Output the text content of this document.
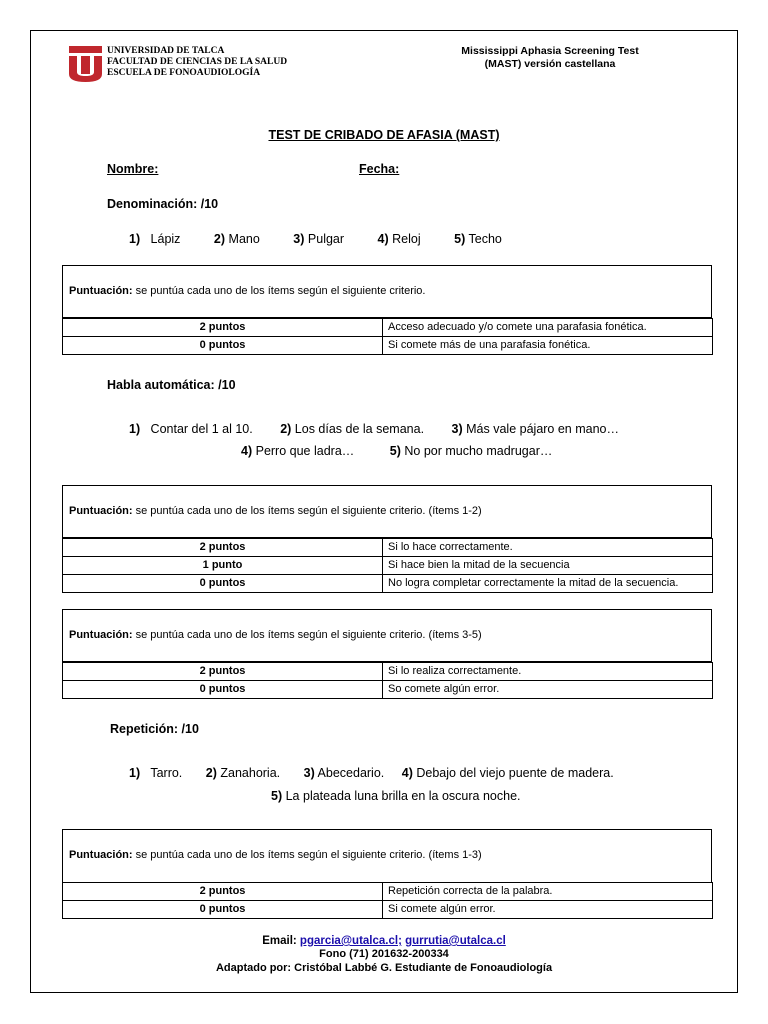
UNIVERSIDAD DE TALCA
FACULTAD DE CIENCIAS DE LA SALUD
ESCUELA DE FONOAUDIOLOGÍA
Mississippi Aphasia Screening Test
(MAST) versión castellana
TEST DE CRIBADO DE AFASIA (MAST)
Nombre:	Fecha:
Denominación: /10
1) Lápiz	2) Mano	3) Pulgar	4) Reloj	5) Techo
Puntuación: se puntúa cada uno de los ítems según el siguiente criterio.
2 puntos	Acceso adecuado y/o comete una parafasia fonética.
0 puntos	Si comete más de una parafasia fonética.
Habla automática: /10
1) Contar del 1 al 10. 2) Los días de la semana. 3) Más vale pájaro en mano…
4) Perro que ladra…	5) No por mucho madrugar…
Puntuación: se puntúa cada uno de los ítems según el siguiente criterio. (ítems 1-2)
2 puntos	Si lo hace correctamente.
1 punto	Si hace bien la mitad de la secuencia
0 puntos	No logra completar correctamente la mitad de la secuencia.
Puntuación: se puntúa cada uno de los ítems según el siguiente criterio. (ítems 3-5)
2 puntos	Si lo realiza correctamente.
0 puntos	So comete algún error.
Repetición: /10
1) Tarro. 2) Zanahoria. 3) Abecedario. 4) Debajo del viejo puente de madera.
5) La plateada luna brilla en la oscura noche.
Puntuación: se puntúa cada uno de los ítems según el siguiente criterio. (ítems 1-3)
2 puntos	Repetición correcta de la palabra.
0 puntos	Si comete algún error.
Email: pgarcia@utalca.cl; gurrutia@utalca.cl
Fono (71) 201632-200334
Adaptado por: Cristóbal Labbé G. Estudiante de Fonoaudiología
